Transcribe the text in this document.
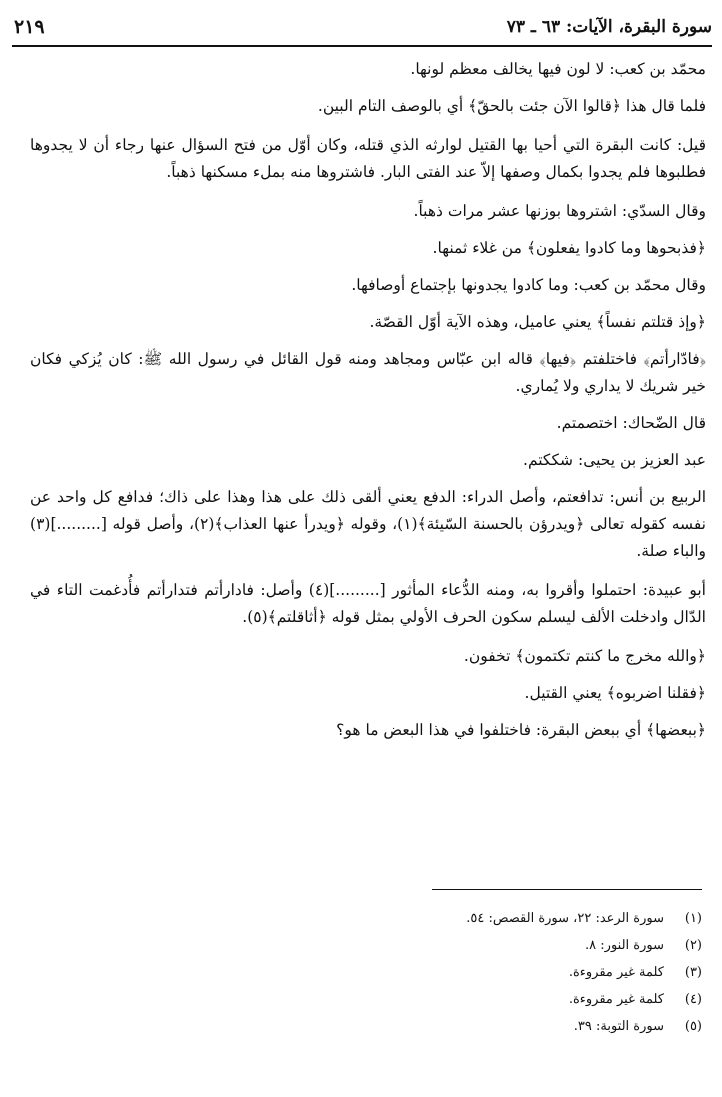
سورة البقرة، الآيات: ٦٣ ـ ٧٣
٢١٩

محمّد بن كعب: لا لون فيها يخالف معظم لونها.

فلما قال هذا ﴿قالوا الآن جئت بالحقّ﴾ أي بالوصف التام البين.

قيل: كانت البقرة التي أحيا بها القتيل لوارثه الذي قتله، وكان أوّل من فتح السؤال عنها رجاء أن لا يجدوها فطلبوها فلم يجدوا بكمال وصفها إلاّ عند الفتى البار. فاشتروها منه بملء مسكنها ذهباً.

وقال السدّي: اشتروها بوزنها عشر مرات ذهباً.

﴿فذبحوها وما كادوا يفعلون﴾ من غلاء ثمنها.

وقال محمّد بن كعب: وما كادوا يجدونها بإجتماع أوصافها.

﴿وإذ قتلتم نفساً﴾ يعني عاميل، وهذه الآية أوّل القصّة.

﴿فادّارأتم﴾ فاختلفتم ﴿فيها﴾ قاله ابن عبّاس ومجاهد ومنه قول القائل في رسول الله ﷺ: كان يُزكي فكان خير شريك لا يداري ولا يُماري.

قال الضّحاك: اختصمتم.

عبد العزيز بن يحيى: شككتم.

الربيع بن أنس: تدافعتم، وأصل الدراء: الدفع يعني ألقى ذلك على هذا وهذا على ذاك؛ فدافع كل واحد عن نفسه كقوله تعالى ﴿ويدرؤن بالحسنة السّيئة﴾(١)، وقوله ﴿ويدرأ عنها العذاب﴾(٢)، وأصل قوله [.........](٣) والباء صلة.

أبو عبيدة: احتملوا وأقروا به، ومنه الدُّعاء المأثور [.........](٤) وأصل: فادارأتم فتدارأتم فأُدغمت التاء في الدّال وادخلت الألف ليسلم سكون الحرف الأولي بمثل قوله ﴿أثاقلتم﴾(٥).

﴿والله مخرج ما كنتم تكتمون﴾ تخفون.

﴿فقلنا اضربوه﴾ يعني القتيل.

﴿ببعضها﴾ أي ببعض البقرة: فاختلفوا في هذا البعض ما هو؟

(١)
سورة الرعد: ٢٢، سورة القصص: ٥٤.
(٢)
سورة النور: ٨.
(٣)
كلمة غير مقروءة.
(٤)
كلمة غير مقروءة.
(٥)
سورة التوبة: ٣٩.
